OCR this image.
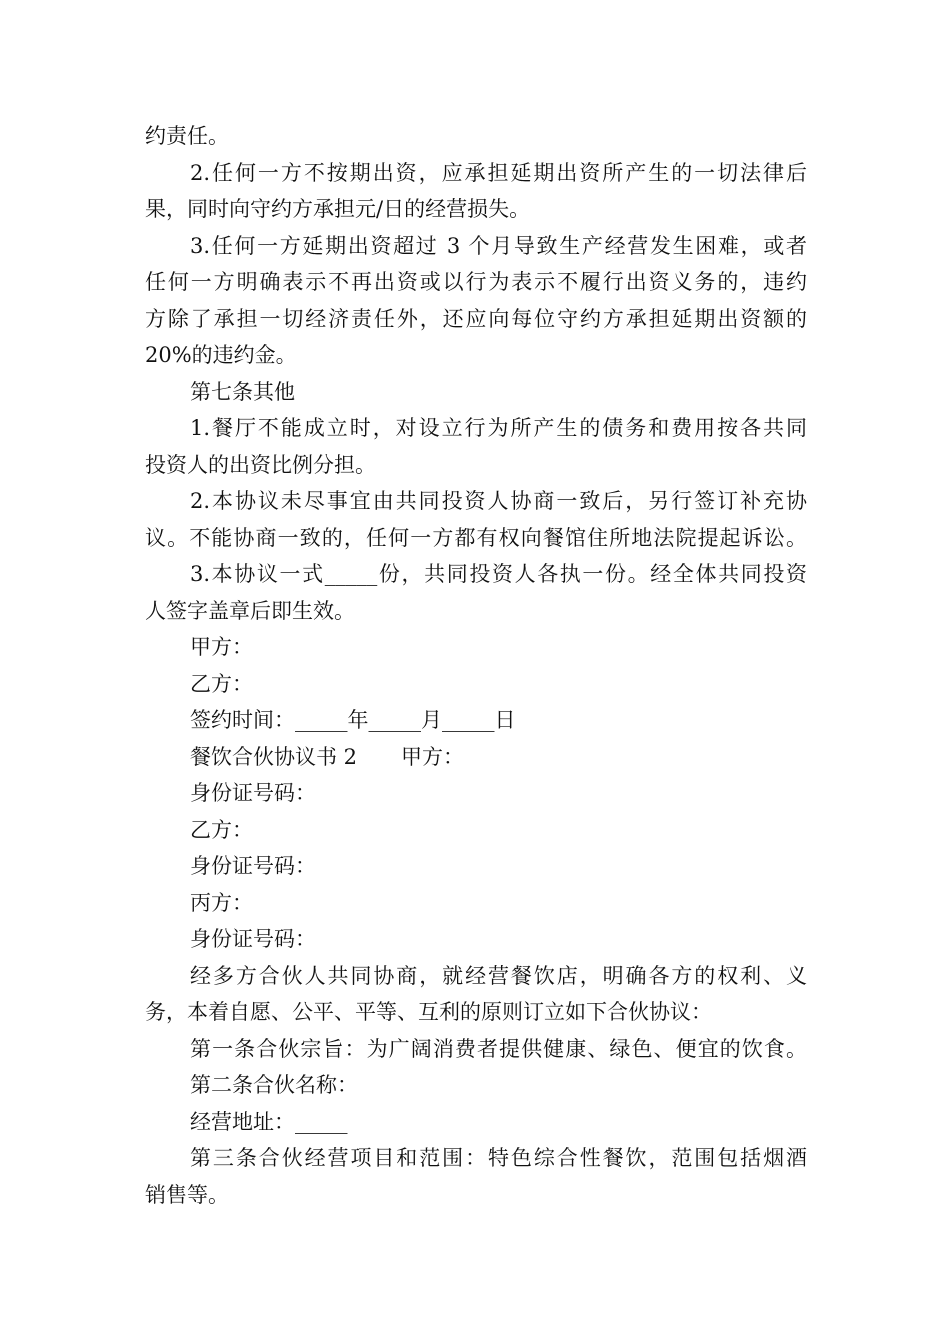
约责任。
2.任何一方不按期出资，应承担延期出资所产生的一切法律后
果，同时向守约方承担元/日的经营损失。
3.任何一方延期出资超过 3 个月导致生产经营发生困难，或者
任何一方明确表示不再出资或以行为表示不履行出资义务的，违约
方除了承担一切经济责任外，还应向每位守约方承担延期出资额的
20%的违约金。
第七条其他
1.餐厅不能成立时，对设立行为所产生的债务和费用按各共同
投资人的出资比例分担。
2.本协议未尽事宜由共同投资人协商一致后，另行签订补充协
议。不能协商一致的，任何一方都有权向餐馆住所地法院提起诉讼。
3.本协议一式_____份，共同投资人各执一份。经全体共同投资
人签字盖章后即生效。
甲方：
乙方：
签约时间：_____年_____月_____日
餐饮合伙协议书 2 甲方：
身份证号码：
乙方：
身份证号码：
丙方：
身份证号码：
经多方合伙人共同协商，就经营餐饮店，明确各方的权利、义
务，本着自愿、公平、平等、互利的原则订立如下合伙协议：
第一条合伙宗旨：为广阔消费者提供健康、绿色、便宜的饮食。
第二条合伙名称：
经营地址：_____
第三条合伙经营项目和范围：特色综合性餐饮，范围包括烟酒
销售等。
